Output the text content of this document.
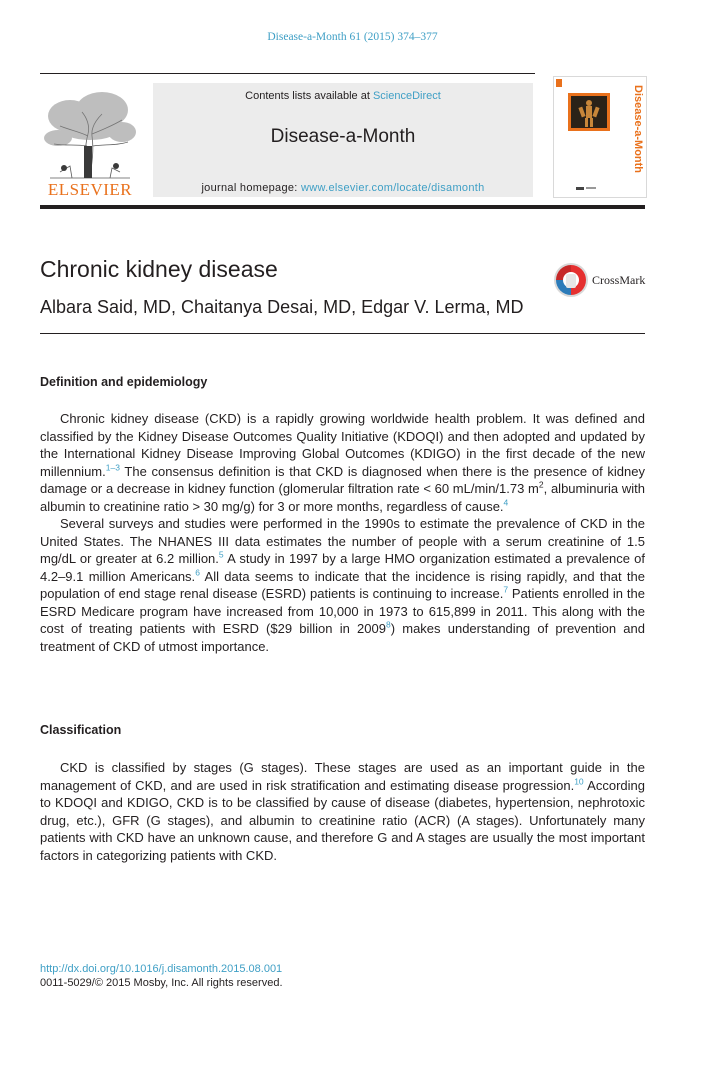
Disease-a-Month 61 (2015) 374–377
ELSEVIER
Contents lists available at ScienceDirect
Disease-a-Month
journal homepage: www.elsevier.com/locate/disamonth
Disease-a-Month
Chronic kidney disease
Albara Said, MD, Chaitanya Desai, MD, Edgar V. Lerma, MD
CrossMark
Definition and epidemiology

Chronic kidney disease (CKD) is a rapidly growing worldwide health problem. It was defined and classified by the Kidney Disease Outcomes Quality Initiative (KDOQI) and then adopted and updated by the International Kidney Disease Improving Global Outcomes (KDIGO) in the first decade of the new millennium.$^{1-3}$ The consensus definition is that CKD is diagnosed when there is the presence of kidney damage or a decrease in kidney function (glomerular filtration rate < 60 mL/min/1.73 $m^2$, albuminuria with albumin to creatinine ratio > 30 mg/g) for 3 or more months, regardless of cause.$^4$

Several surveys and studies were performed in the 1990s to estimate the prevalence of CKD in the United States. The NHANES III data estimates the number of people with a serum creatinine of 1.5 mg/dL or greater at 6.2 million.$^5$ A study in 1997 by a large HMO organization estimated a prevalence of 4.2–9.1 million Americans.$^6$ All data seems to indicate that the incidence is rising rapidly, and that the population of end stage renal disease (ESRD) patients is continuing to increase.$^7$ Patients enrolled in the ESRD Medicare program have increased from 10,000 in 1973 to 615,899 in 2011. This along with the cost of treating patients with ESRD ($29 billion in 2009$^8$) makes understanding of prevention and treatment of CKD of utmost importance.

Classification

CKD is classified by stages (G stages). These stages are used as an important guide in the management of CKD, and are used in risk stratification and estimating disease progression.$^{10}$ According to KDOQI and KDIGO, CKD is to be classified by cause of disease (diabetes, hypertension, nephrotoxic drug, etc.), GFR (G stages), and albumin to creatinine ratio (ACR) (A stages). Unfortunately many patients with CKD have an unknown cause, and therefore G and A stages are usually the most important factors in categorizing patients with CKD.

http://dx.doi.org/10.1016/j.disamonth.2015.08.001
0011-5029/© 2015 Mosby, Inc. All rights reserved.
